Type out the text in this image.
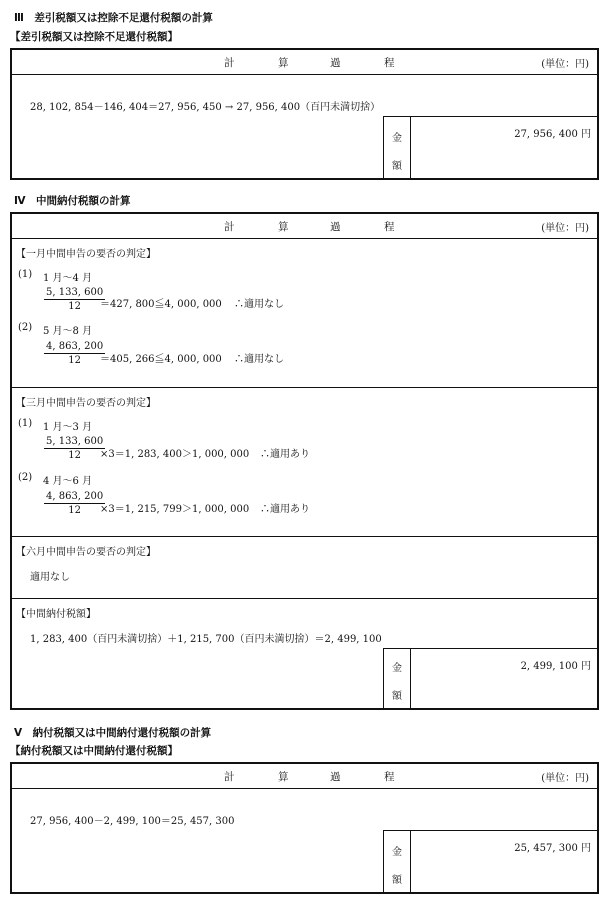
Ⅲ　差引税額又は控除不足還付税額の計算
【差引税額又は控除不足還付税額】
計	算	過	程	(単位：円)
28, 102, 854－146, 404＝27, 956, 450 → 27, 956, 400（百円未満切捨）
金
額
27, 956, 400 円
Ⅳ　中間納付税額の計算
計	算	過	程	(単位：円)
【一月中間申告の要否の判定】
(1) 1 月～4 月
$\frac{5, 133, 600}{12}$
＝427, 800≦4, 000, 000 ∴適用なし
(2) 5 月～8 月
$\frac{4, 863, 200}{12}$
＝405, 266≦4, 000, 000 ∴適用なし
【三月中間申告の要否の判定】
(1) 1 月～3 月
$\frac{5, 133, 600}{12}$
×3＝1, 283, 400＞1, 000, 000 ∴適用あり
(2) 4 月～6 月
$\frac{4, 863, 200}{12}$
×3＝1, 215, 799＞1, 000, 000 ∴適用あり
【六月中間申告の要否の判定】
適用なし
【中間納付税額】
1, 283, 400（百円未満切捨）＋1, 215, 700（百円未満切捨）＝2, 499, 100
金
額
2, 499, 100 円
Ⅴ　納付税額又は中間納付還付税額の計算
【納付税額又は中間納付還付税額】
計	算	過	程	(単位：円)
27, 956, 400－2, 499, 100＝25, 457, 300
金
額
25, 457, 300 円
